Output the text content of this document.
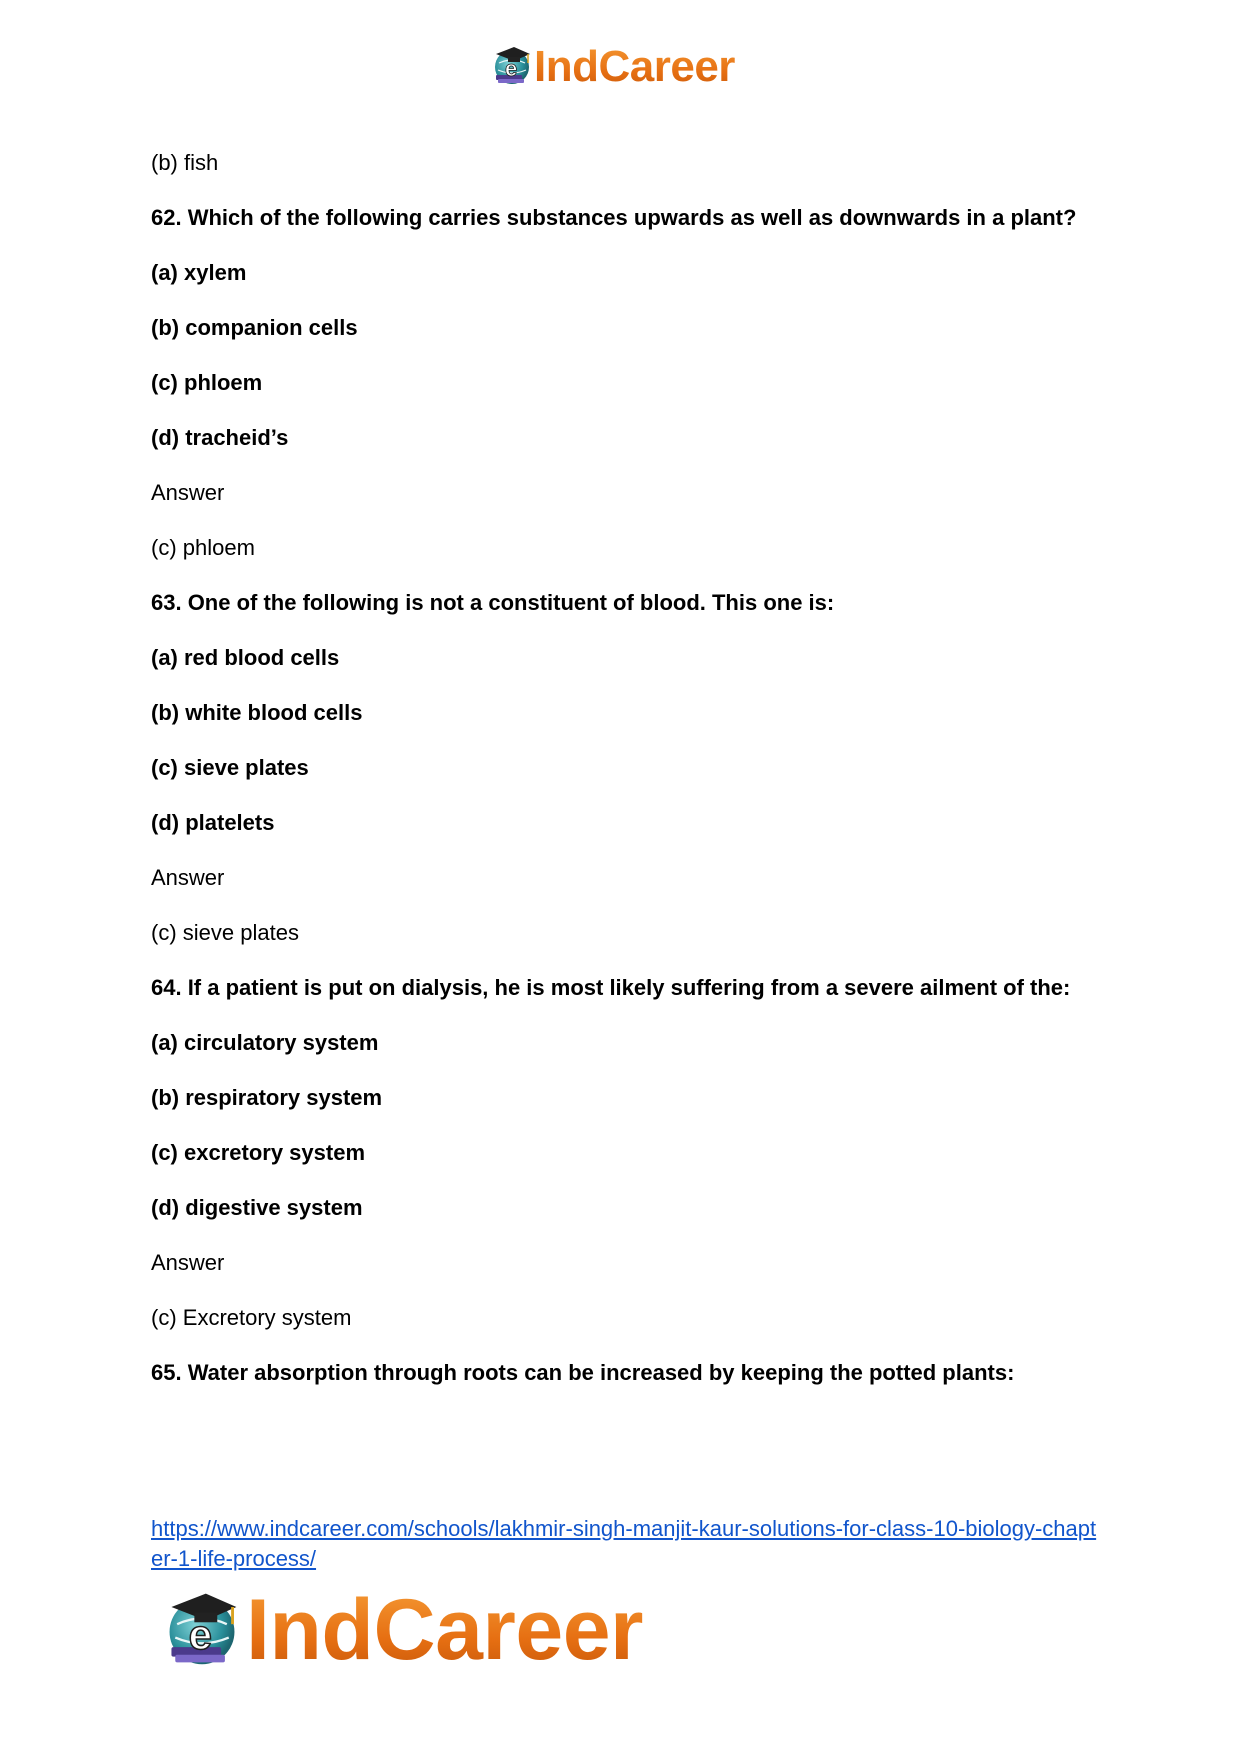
e IndCareer

(b) fish

62. Which of the following carries substances upwards as well as downwards in a plant?

(a) xylem

(b) companion cells

(c) phloem

(d) tracheid’s

Answer

(c) phloem

63. One of the following is not a constituent of blood. This one is:

(a) red blood cells

(b) white blood cells

(c) sieve plates

(d) platelets

Answer

(c) sieve plates

64. If a patient is put on dialysis, he is most likely suffering from a severe ailment of the:

(a) circulatory system

(b) respiratory system

(c) excretory system

(d) digestive system

Answer

(c) Excretory system

65. Water absorption through roots can be increased by keeping the potted plants:

https://www.indcareer.com/schools/lakhmir-singh-manjit-kaur-solutions-for-class-10-biology-chapter-1-life-process/
e IndCareer
